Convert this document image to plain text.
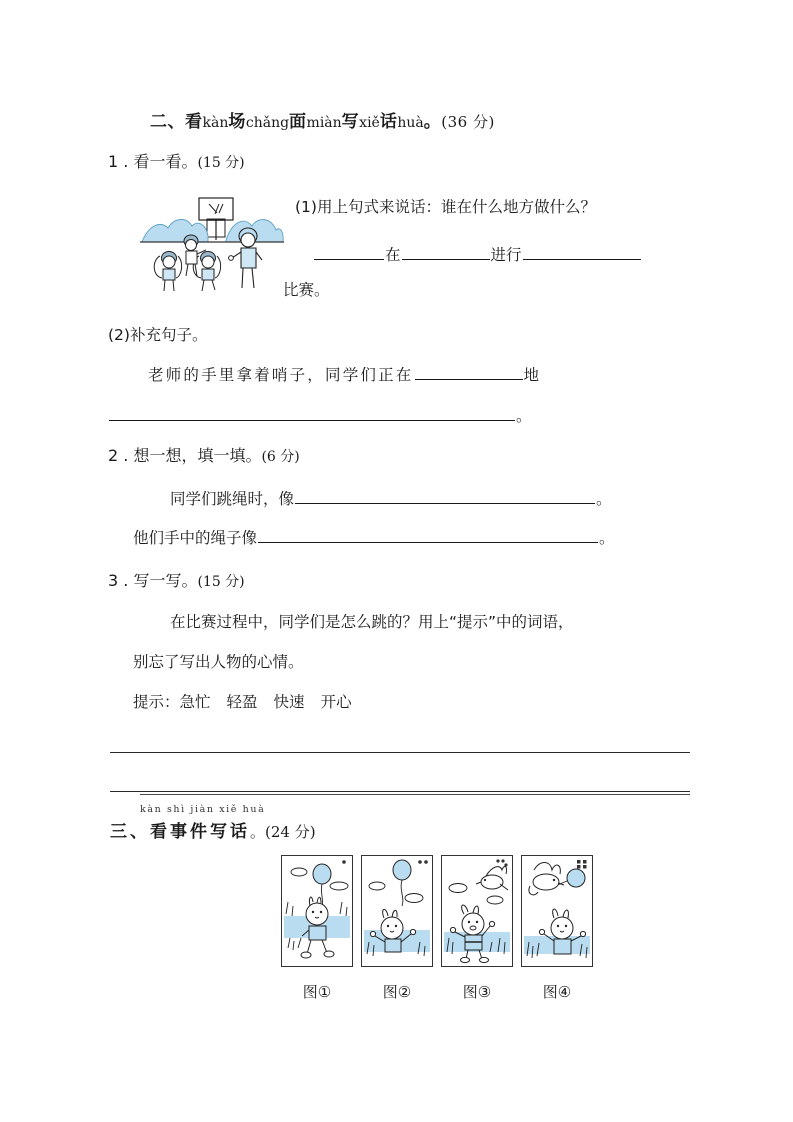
二、看kàn场chǎng面miàn写xiě话huà。(36 分)
1 . 看一看。(15 分)
(1)用上句式来说话：谁在什么地方做什么？
在	进行
比赛。
(2)补充句子。
老师的手里拿着哨子，同学们正在	地
。
2 . 想一想，填一填。(6 分)
同学们跳绳时，像	。
他们手中的绳子像	。
3 . 写一写。(15 分)
在比赛过程中，同学们是怎么跳的？用上“提示”中的词语，
别忘了写出人物的心情。
提示：急忙 轻盈 快速 开心
kàn shì jiàn xiě huà
三、看事件写话。(24 分)
图①	图②	图③	图④
